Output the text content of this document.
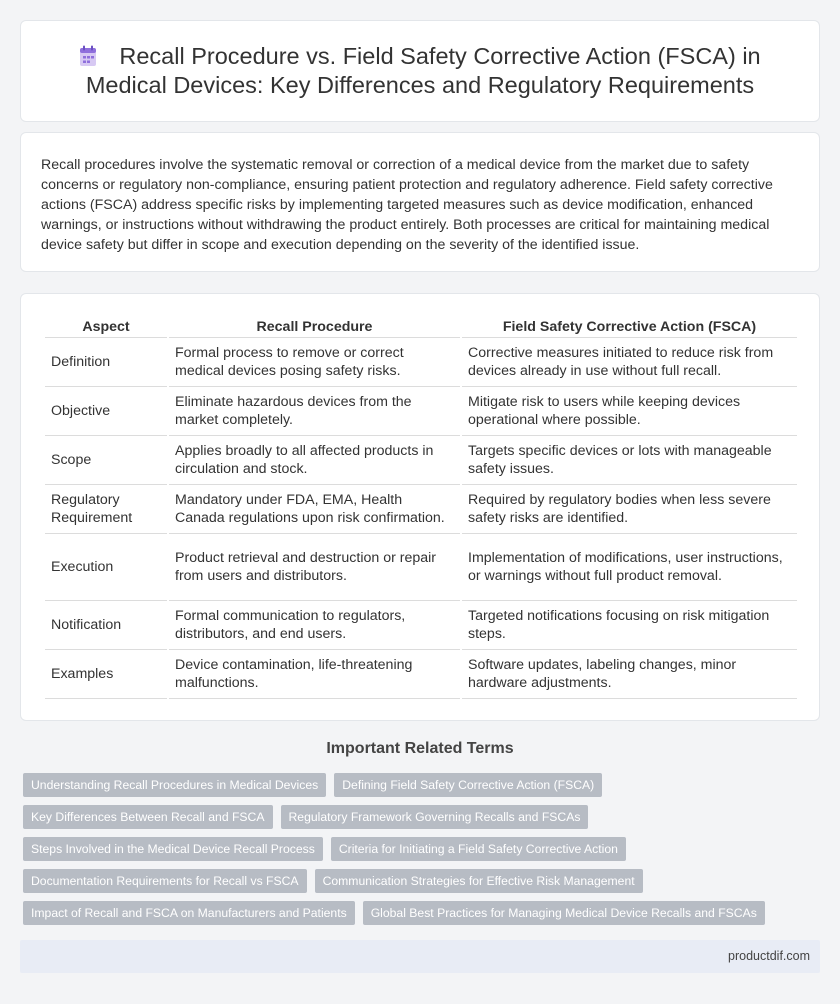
Recall Procedure vs. Field Safety Corrective Action (FSCA) in Medical Devices: Key Differences and Regulatory Requirements

Recall procedures involve the systematic removal or correction of a medical device from the market due to safety concerns or regulatory non-compliance, ensuring patient protection and regulatory adherence. Field safety corrective actions (FSCA) address specific risks by implementing targeted measures such as device modification, enhanced warnings, or instructions without withdrawing the product entirely. Both processes are critical for maintaining medical device safety but differ in scope and execution depending on the severity of the identified issue.

Aspect	Recall Procedure	Field Safety Corrective Action (FSCA)
Definition	Formal process to remove or correct medical devices posing safety risks.	Corrective measures initiated to reduce risk from devices already in use without full recall.
Objective	Eliminate hazardous devices from the market completely.	Mitigate risk to users while keeping devices operational where possible.
Scope	Applies broadly to all affected products in circulation and stock.	Targets specific devices or lots with manageable safety issues.
Regulatory Requirement	Mandatory under FDA, EMA, Health Canada regulations upon risk confirmation.	Required by regulatory bodies when less severe safety risks are identified.
Execution	Product retrieval and destruction or repair from users and distributors.	Implementation of modifications, user instructions, or warnings without full product removal.
Notification	Formal communication to regulators, distributors, and end users.	Targeted notifications focusing on risk mitigation steps.
Examples	Device contamination, life-threatening malfunctions.	Software updates, labeling changes, minor hardware adjustments.
Important Related Terms
Understanding Recall Procedures in Medical Devices	Defining Field Safety Corrective Action (FSCA)
Key Differences Between Recall and FSCA	Regulatory Framework Governing Recalls and FSCAs
Steps Involved in the Medical Device Recall Process	Criteria for Initiating a Field Safety Corrective Action
Documentation Requirements for Recall vs FSCA	Communication Strategies for Effective Risk Management
Impact of Recall and FSCA on Manufacturers and Patients	Global Best Practices for Managing Medical Device Recalls and FSCAs
productdif.com
